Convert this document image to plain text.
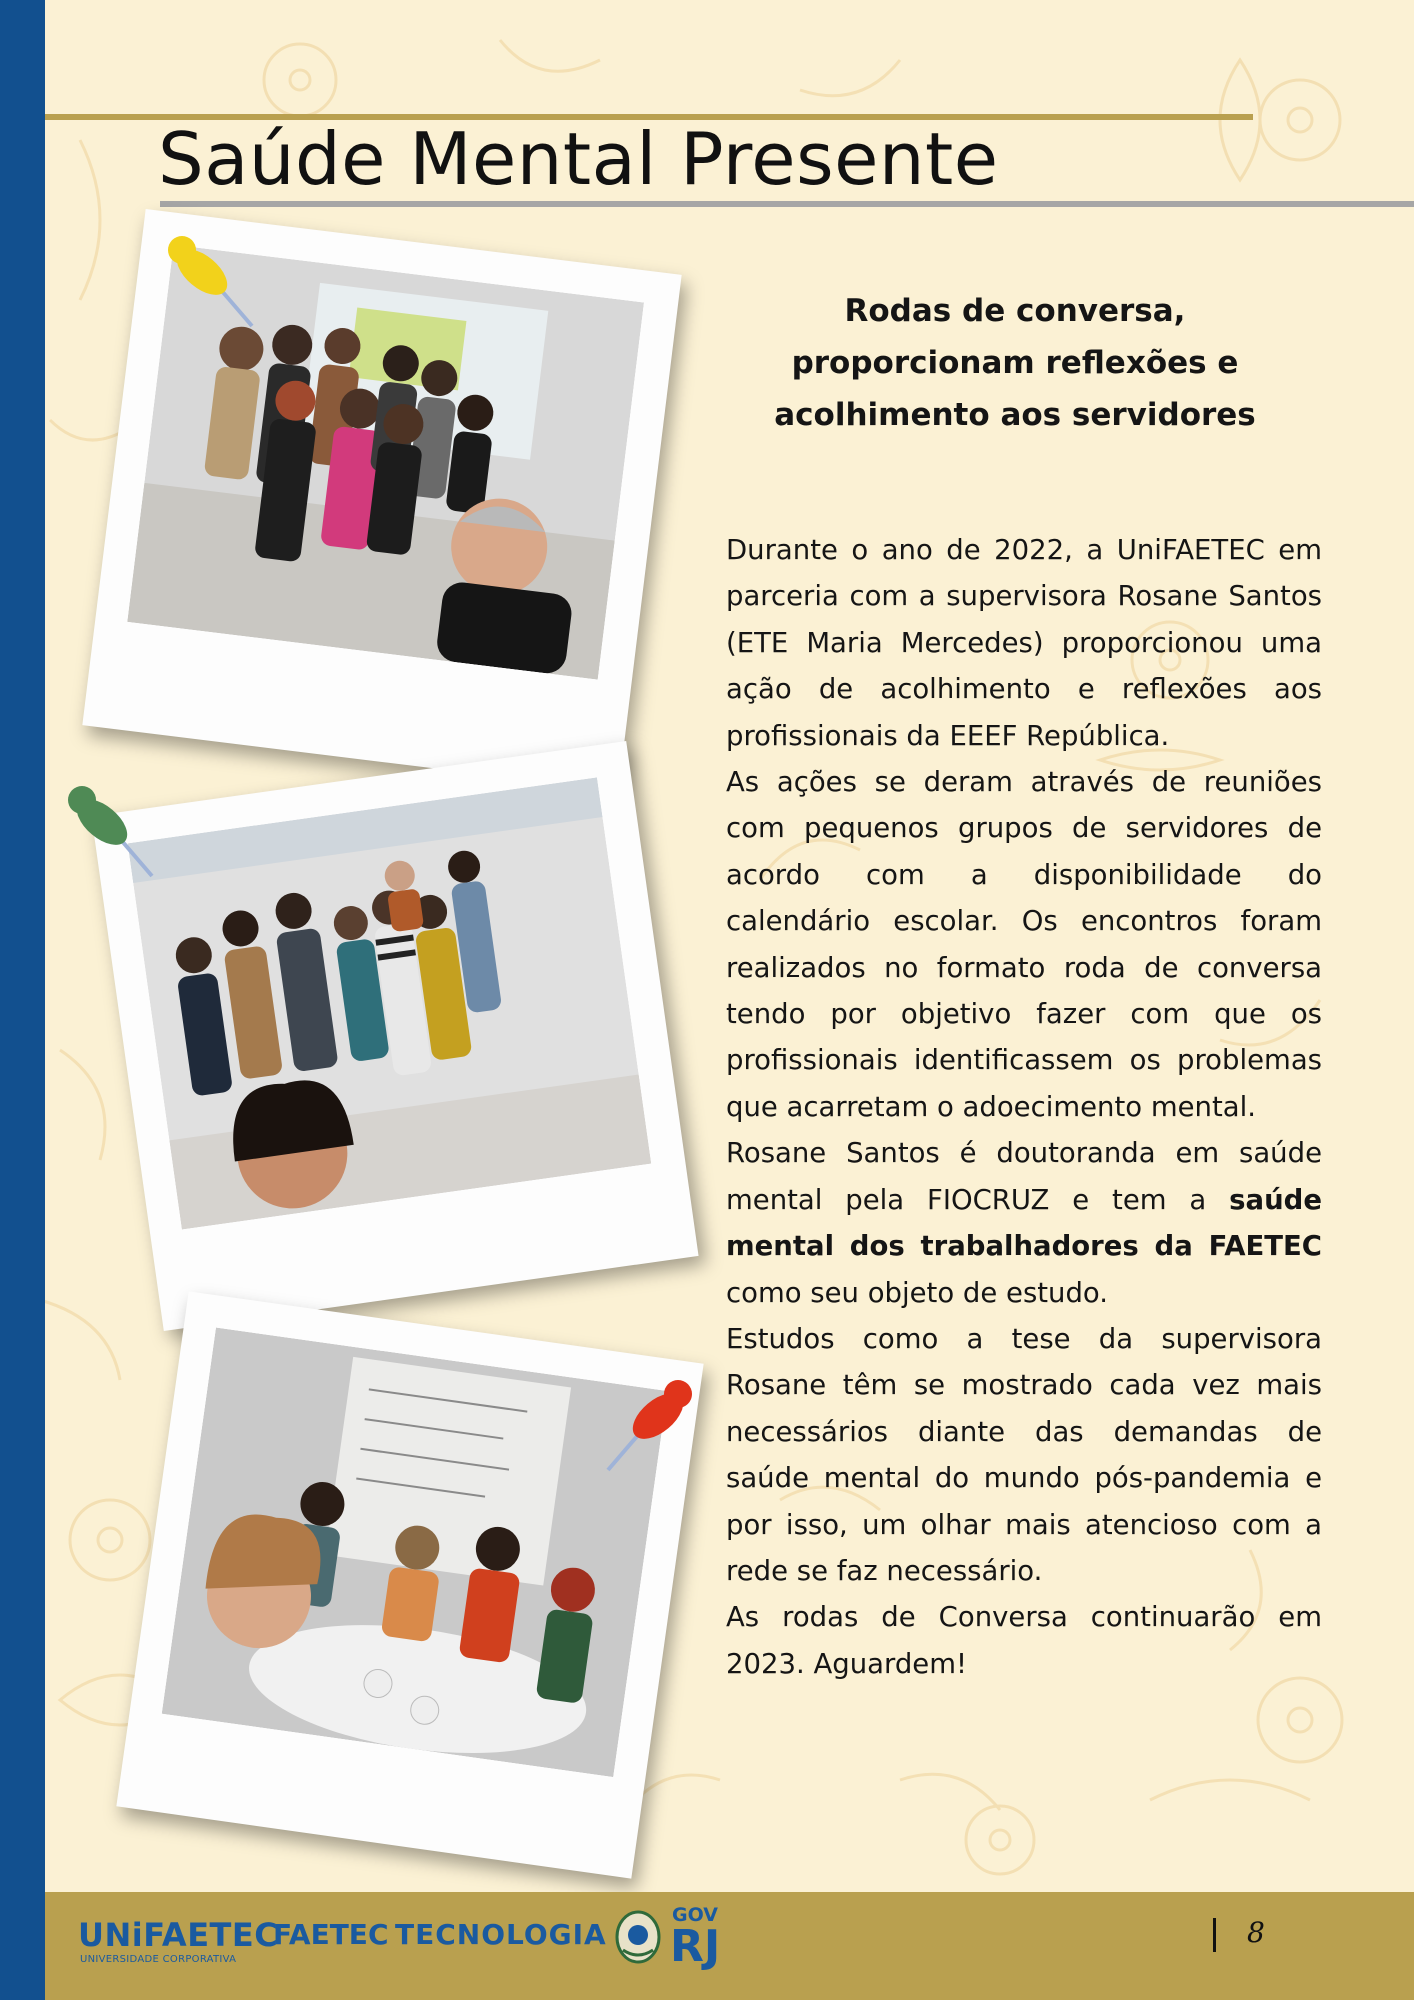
Saúde Mental Presente
Rodas de conversa,
proporcionam reflexões e
acolhimento aos servidores

Durante o ano de 2022, a UniFAETEC em parceria com a supervisora Rosane Santos (ETE Maria Mercedes) proporcionou uma ação de acolhimento e reflexões aos profissionais da EEEF República.

As ações se deram através de reuniões com pequenos grupos de servidores de acordo com a disponibilidade do calendário escolar. Os encontros foram realizados no formato roda de conversa tendo por objetivo fazer com que os profissionais identificassem os problemas que acarretam o adoecimento mental.

Rosane Santos é doutoranda em saúde mental pela FIOCRUZ e tem a saúde mental dos trabalhadores da FAETEC como seu objeto de estudo.

Estudos como a tese da supervisora Rosane têm se mostrado cada vez mais necessários diante das demandas de saúde mental do mundo pós-pandemia e por isso, um olhar mais atencioso com a rede se faz necessário.

As rodas de Conversa continuarão em 2023. Aguardem!

UNiFAETEC
UNIVERSIDADE CORPORATIVA
FAETEC TECNOLOGIA
GOV
RJ	8
